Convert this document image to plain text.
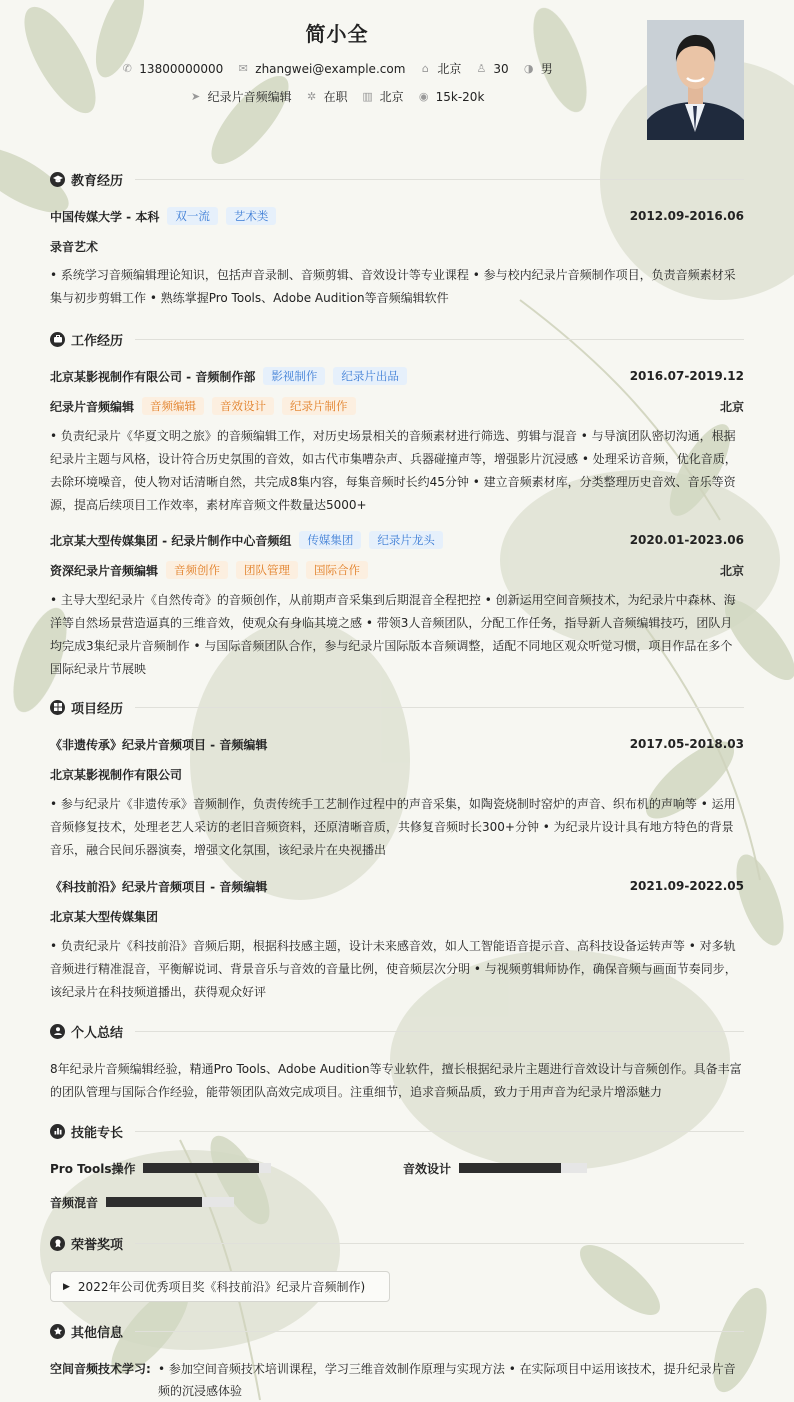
简小全
✆ 13800000000 ✉ zhangwei@example.com ⌂ 北京 ♙ 30 ◑ 男
➤ 纪录片音频编辑 ✲ 在职 ▥ 北京 ◉ 15k-20k
教育经历
中国传媒大学 - 本科	双一流	艺术类	2012.09-2016.06
录音艺术
• 系统学习音频编辑理论知识，包括声音录制、音频剪辑、音效设计等专业课程 • 参与校内纪录片音频制作项目，负责音频素材采集与初步剪辑工作 • 熟练掌握Pro Tools、Adobe Audition等音频编辑软件
工作经历
北京某影视制作有限公司 - 音频制作部	影视制作	纪录片出品	2016.07-2019.12
纪录片音频编辑	音频编辑	音效设计	纪录片制作	北京
• 负责纪录片《华夏文明之旅》的音频编辑工作，对历史场景相关的音频素材进行筛选、剪辑与混音 • 与导演团队密切沟通，根据纪录片主题与风格，设计符合历史氛围的音效，如古代市集嘈杂声、兵器碰撞声等，增强影片沉浸感 • 处理采访音频，优化音质，去除环境噪音，使人物对话清晰自然，共完成8集内容，每集音频时长约45分钟 • 建立音频素材库，分类整理历史音效、音乐等资源，提高后续项目工作效率，素材库音频文件数量达5000+
北京某大型传媒集团 - 纪录片制作中心音频组	传媒集团	纪录片龙头	2020.01-2023.06
资深纪录片音频编辑	音频创作	团队管理	国际合作	北京
• 主导大型纪录片《自然传奇》的音频创作，从前期声音采集到后期混音全程把控 • 创新运用空间音频技术，为纪录片中森林、海洋等自然场景营造逼真的三维音效，使观众有身临其境之感 • 带领3人音频团队，分配工作任务，指导新人音频编辑技巧，团队月均完成3集纪录片音频制作 • 与国际音频团队合作，参与纪录片国际版本音频调整，适配不同地区观众听觉习惯，项目作品在多个国际纪录片节展映
项目经历
《非遗传承》纪录片音频项目 - 音频编辑	2017.05-2018.03
北京某影视制作有限公司
• 参与纪录片《非遗传承》音频制作，负责传统手工艺制作过程中的声音采集，如陶瓷烧制时窑炉的声音、织布机的声响等 • 运用音频修复技术，处理老艺人采访的老旧音频资料，还原清晰音质，共修复音频时长300+分钟 • 为纪录片设计具有地方特色的背景音乐，融合民间乐器演奏，增强文化氛围，该纪录片在央视播出
《科技前沿》纪录片音频项目 - 音频编辑	2021.09-2022.05
北京某大型传媒集团
• 负责纪录片《科技前沿》音频后期，根据科技感主题，设计未来感音效，如人工智能语音提示音、高科技设备运转声等 • 对多轨音频进行精准混音，平衡解说词、背景音乐与音效的音量比例，使音频层次分明 • 与视频剪辑师协作，确保音频与画面节奏同步，该纪录片在科技频道播出，获得观众好评
个人总结
8年纪录片音频编辑经验，精通Pro Tools、Adobe Audition等专业软件，擅长根据纪录片主题进行音效设计与音频创作。具备丰富的团队管理与国际合作经验，能带领团队高效完成项目。注重细节，追求音频品质，致力于用声音为纪录片增添魅力
技能专长
Pro Tools操作	音效设计
音频混音
荣誉奖项
▶ 2022年公司优秀项目奖《科技前沿》纪录片音频制作)
其他信息
空间音频技术学习: • 参加空间音频技术培训课程，学习三维音效制作原理与实现方法 • 在实际项目中运用该技术，提升纪录片音频的沉浸感体验
